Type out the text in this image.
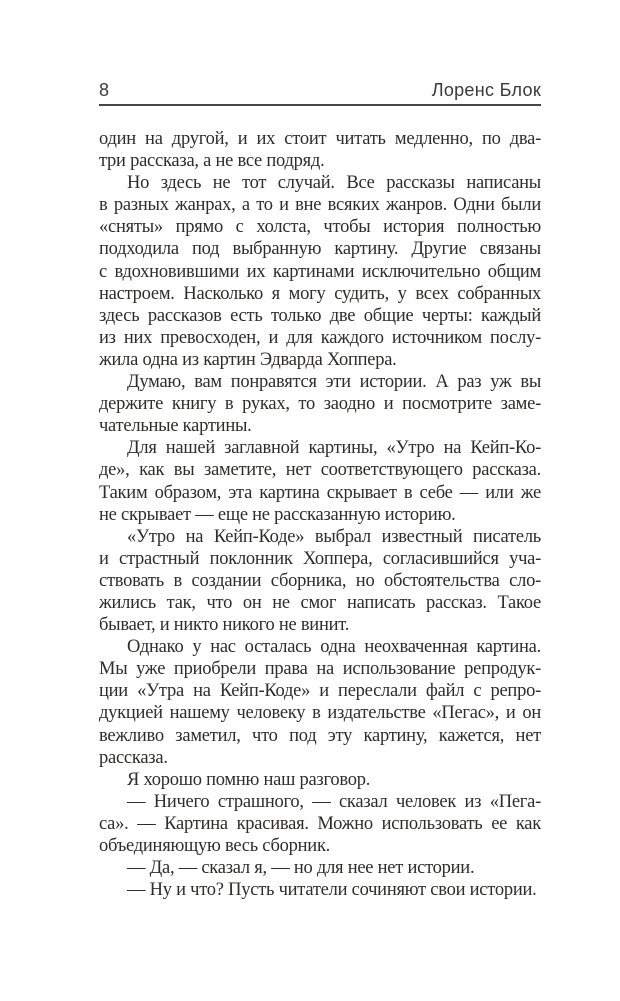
8	Лоренс Блок
один на другой, и их стоит читать медленно, по два-
три рассказа, а не все подряд.
Но здесь не тот случай. Все рассказы написаны
в разных жанрах, а то и вне всяких жанров. Одни были
«сняты» прямо с холста, чтобы история полностью
подходила под выбранную картину. Другие связаны
с вдохновившими их картинами исключительно общим
настроем. Насколько я могу судить, у всех собранных
здесь рассказов есть только две общие черты: каждый
из них превосходен, и для каждого источником послу-
жила одна из картин Эдварда Хоппера.
Думаю, вам понравятся эти истории. А раз уж вы
держите книгу в руках, то заодно и посмотрите заме-
чательные картины.
Для нашей заглавной картины, «Утро на Кейп-Ко-
де», как вы заметите, нет соответствующего рассказа.
Таким образом, эта картина скрывает в себе — или же
не скрывает — еще не рассказанную историю.
«Утро на Кейп-Коде» выбрал известный писатель
и страстный поклонник Хоппера, согласившийся уча-
ствовать в создании сборника, но обстоятельства сло-
жились так, что он не смог написать рассказ. Такое
бывает, и никто никого не винит.
Однако у нас осталась одна неохваченная картина.
Мы уже приобрели права на использование репродук-
ции «Утра на Кейп-Коде» и переслали файл с репро-
дукцией нашему человеку в издательстве «Пегас», и он
вежливо заметил, что под эту картину, кажется, нет
рассказа.
Я хорошо помню наш разговор.
— Ничего страшного, — сказал человек из «Пега-
са». — Картина красивая. Можно использовать ее как
объединяющую весь сборник.
— Да, — сказал я, — но для нее нет истории.
— Ну и что? Пусть читатели сочиняют свои истории.
